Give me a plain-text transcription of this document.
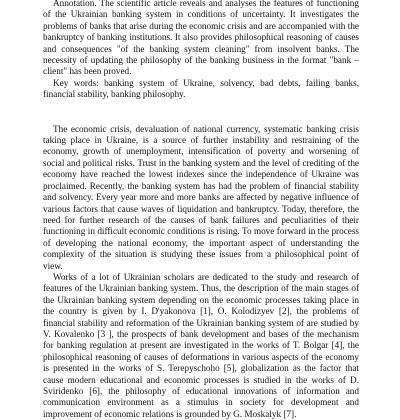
Annotation. The scientific article reveals and analyses the features of functioning of the Ukrainian banking system in conditions of uncertainty. It investigates the problems of banks that arise during the economic crisis and are accompanied with the bankruptcy of banking institutions. It also provides philosophical reasoning of causes and consequences "of the banking system cleaning" from insolvent banks. The necessity of updating the philosophy of the banking business in the format "bank – client" has been proved.

Key words: banking system of Ukraine, solvency, bad debts, failing banks, financial stability, banking philosophy.

The economic crisis, devaluation of national currency, systematic banking crisis taking place in Ukraine, is a source of further instability and restraining of the economy, growth of unemployment, intensification of poverty and worsening of social and political risks. Trust in the banking system and the level of crediting of the economy have reached the lowest indexes since the independence of Ukraine was proclaimed. Recently, the banking system has had the problem of financial stability and solvency. Every year more and more banks are affected by negative influence of various factors that cause waves of liquidation and bankruptcy. Today, therefore, the need for further research of the causes of bank failures and peculiarities of their functioning in difficult economic conditions is rising. To move forward in the process of developing the national economy, the important aspect of understanding the complexity of the situation is studying these issues from a philosophical point of view.

Works of a lot of Ukrainian scholars are dedicated to the study and research of features of the Ukrainian banking system. Thus, the description of the main stages of the Ukrainian banking system depending on the economic processes taking place in the country is given by I. D'yakonova [1], O. Kolodizyev [2], the problems of financial stability and reformation of the Ukrainian banking system of are studied by V. Kovalenko [3 ], the prospects of bank development and bases of the mechanism for banking regulation at present are investigated in the works of T. Bolgar [4], the philosophical reasoning of causes of deformations in various aspects of the economy is presented in the works of S. Terepyschoho [5], globalization as the factor that cause modern educational and economic processes is studied in the works of D. Sviridenko [6], the philosophy of educational innovations of information and communication environment as a stimulus in society for development and improvement of economic relations is grounded by G. Moskalyk [7].
